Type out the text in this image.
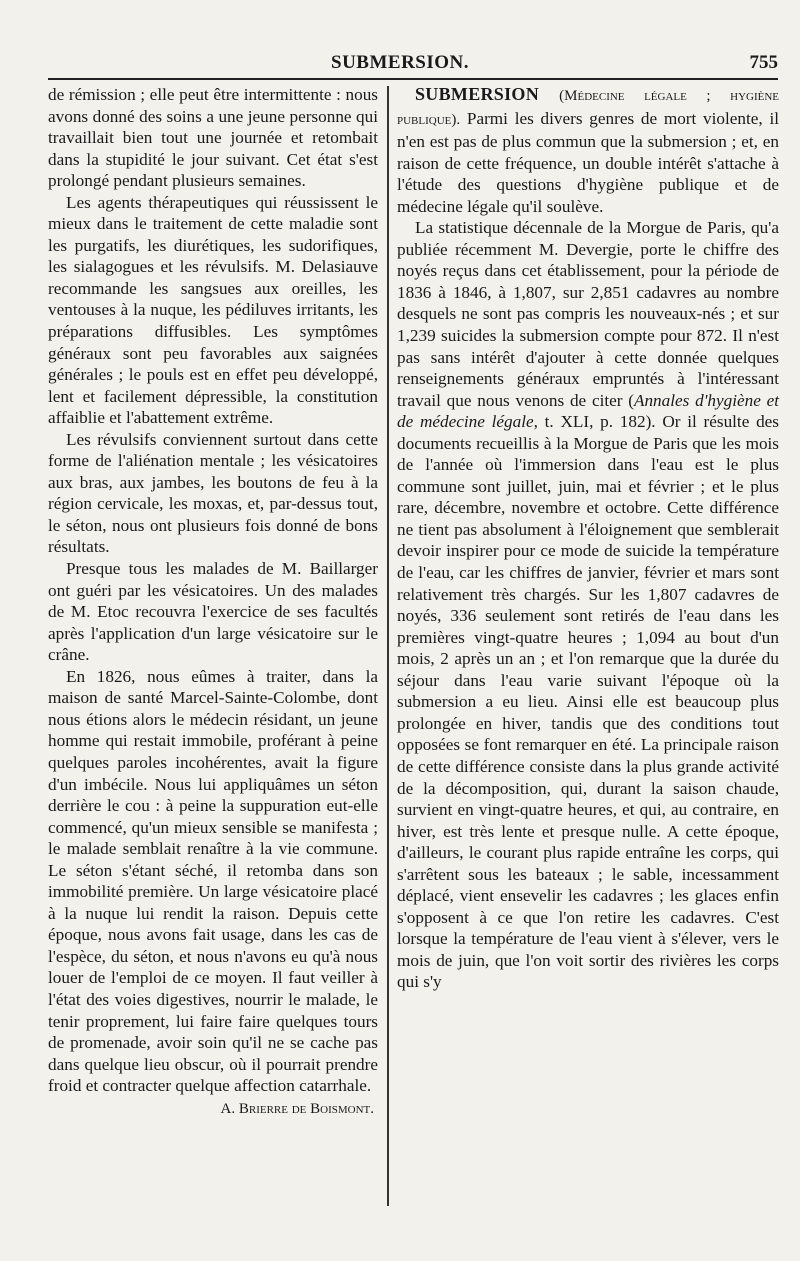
SUBMERSION.	755

de rémission ; elle peut être intermittente : nous avons donné des soins a une jeune personne qui travaillait bien tout une journée et retombait dans la stupidité le jour suivant. Cet état s'est prolongé pendant plusieurs semaines.

Les agents thérapeutiques qui réussissent le mieux dans le traitement de cette maladie sont les purgatifs, les diurétiques, les sudorifiques, les sialagogues et les révulsifs. M. Delasiauve recommande les sangsues aux oreilles, les ventouses à la nuque, les pédiluves irritants, les préparations diffusibles. Les symptômes généraux sont peu favorables aux saignées générales ; le pouls est en effet peu développé, lent et facilement dépressible, la constitution affaiblie et l'abattement extrême.

Les révulsifs conviennent surtout dans cette forme de l'aliénation mentale ; les vésicatoires aux bras, aux jambes, les boutons de feu à la région cervicale, les moxas, et, par-dessus tout, le séton, nous ont plusieurs fois donné de bons résultats.

Presque tous les malades de M. Baillarger ont guéri par les vésicatoires. Un des malades de M. Etoc recouvra l'exercice de ses facultés après l'application d'un large vésicatoire sur le crâne.

En 1826, nous eûmes à traiter, dans la maison de santé Marcel-Sainte-Colombe, dont nous étions alors le médecin résidant, un jeune homme qui restait immobile, proférant à peine quelques paroles incohérentes, avait la figure d'un imbécile. Nous lui appliquâmes un séton derrière le cou : à peine la suppuration eut-elle commencé, qu'un mieux sensible se manifesta ; le malade semblait renaître à la vie commune. Le séton s'étant séché, il retomba dans son immobilité première. Un large vésicatoire placé à la nuque lui rendit la raison. Depuis cette époque, nous avons fait usage, dans les cas de l'espèce, du séton, et nous n'avons eu qu'à nous louer de l'emploi de ce moyen. Il faut veiller à l'état des voies digestives, nourrir le malade, le tenir proprement, lui faire faire quelques tours de promenade, avoir soin qu'il ne se cache pas dans quelque lieu obscur, où il pourrait prendre froid et contracter quelque affection catarrhale.

A. Brierre de Boismont.

SUBMERSION (Médecine légale ; hygiène publique). Parmi les divers genres de mort violente, il n'en est pas de plus commun que la submersion ; et, en raison de cette fréquence, un double intérêt s'attache à l'étude des questions d'hygiène publique et de médecine légale qu'il soulève.

La statistique décennale de la Morgue de Paris, qu'a publiée récemment M. Devergie, porte le chiffre des noyés reçus dans cet établissement, pour la période de 1836 à 1846, à 1,807, sur 2,851 cadavres au nombre desquels ne sont pas compris les nouveaux-nés ; et sur 1,239 suicides la submersion compte pour 872. Il n'est pas sans intérêt d'ajouter à cette donnée quelques renseignements généraux empruntés à l'intéressant travail que nous venons de citer (Annales d'hygiène et de médecine légale, t. XLI, p. 182). Or il résulte des documents recueillis à la Morgue de Paris que les mois de l'année où l'immersion dans l'eau est le plus commune sont juillet, juin, mai et février ; et le plus rare, décembre, novembre et octobre. Cette différence ne tient pas absolument à l'éloignement que semblerait devoir inspirer pour ce mode de suicide la température de l'eau, car les chiffres de janvier, février et mars sont relativement très chargés. Sur les 1,807 cadavres de noyés, 336 seulement sont retirés de l'eau dans les premières vingt-quatre heures ; 1,094 au bout d'un mois, 2 après un an ; et l'on remarque que la durée du séjour dans l'eau varie suivant l'époque où la submersion a eu lieu. Ainsi elle est beaucoup plus prolongée en hiver, tandis que des conditions tout opposées se font remarquer en été. La principale raison de cette différence consiste dans la plus grande activité de la décomposition, qui, durant la saison chaude, survient en vingt-quatre heures, et qui, au contraire, en hiver, est très lente et presque nulle. A cette époque, d'ailleurs, le courant plus rapide entraîne les corps, qui s'arrêtent sous les bateaux ; le sable, incessamment déplacé, vient ensevelir les cadavres ; les glaces enfin s'opposent à ce que l'on retire les cadavres. C'est lorsque la température de l'eau vient à s'élever, vers le mois de juin, que l'on voit sortir des rivières les corps qui s'y
